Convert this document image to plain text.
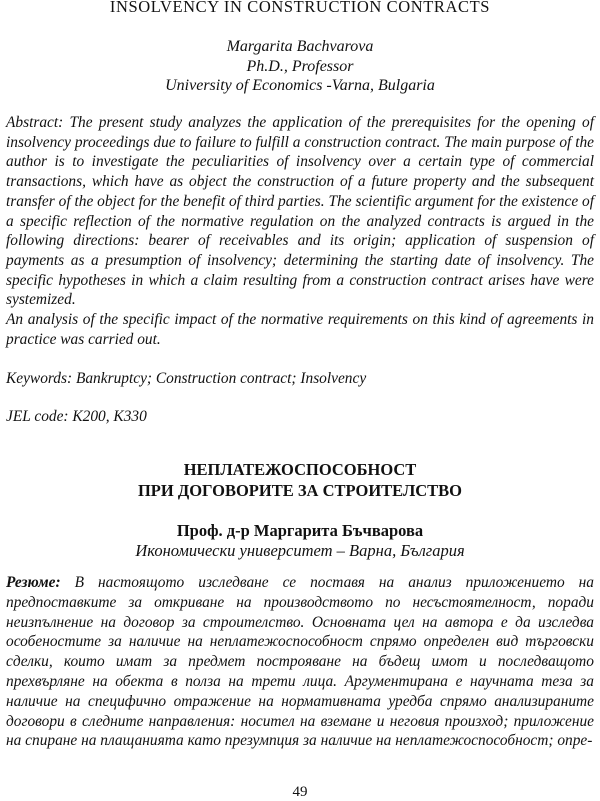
INSOLVENCY IN CONSTRUCTION CONTRACTS
Margarita Bachvarova
Ph.D., Professor
University of Economics -Varna, Bulgaria

Abstract: The present study analyzes the application of the prerequisites for the opening of insolvency proceedings due to failure to fulfill a construction contract. The main purpose of the author is to investigate the peculiarities of insolvency over a certain type of commercial transactions, which have as object the construction of a future property and the subsequent transfer of the object for the benefit of third parties. The scientific argument for the existence of a specific reflection of the normative regulation on the analyzed contracts is argued in the following directions: bearer of receivables and its origin; application of suspension of payments as a presumption of insolvency; determining the starting date of insolvency. The specific hypotheses in which a claim resulting from a construction contract arises have were systemized.

An analysis of the specific impact of the normative requirements on this kind of agreements in practice was carried out.

Keywords: Bankruptcy; Construction contract; Insolvency
JEL code: K200, K330
НЕПЛАТЕЖОСПОСОБНОСТ
ПРИ ДОГОВОРИТЕ ЗА СТРОИТЕЛСТВО
Проф. д-р Маргарита Бъчварова
Икономически университет – Варна, България

Резюме: В настоящото изследване се поставя на анализ приложението на предпоставките за откриване на производството по несъстоятелност, поради неизпълнение на договор за строителство. Основната цел на автора е да изследва особеностите за наличие на неплатежоспособност спрямо определен вид търговски сделки, които имат за предмет построяване на бъдещ имот и последващото прехвърляне на обекта в полза на трети лица. Аргументирана е научната теза за наличие на специфично отражение на нормативната уредба спрямо анализираните договори в следните направления: носител на вземане и неговия произход; приложение на спиране на плащанията като презумпция за наличие на неплатежоспособност; опре-

49
